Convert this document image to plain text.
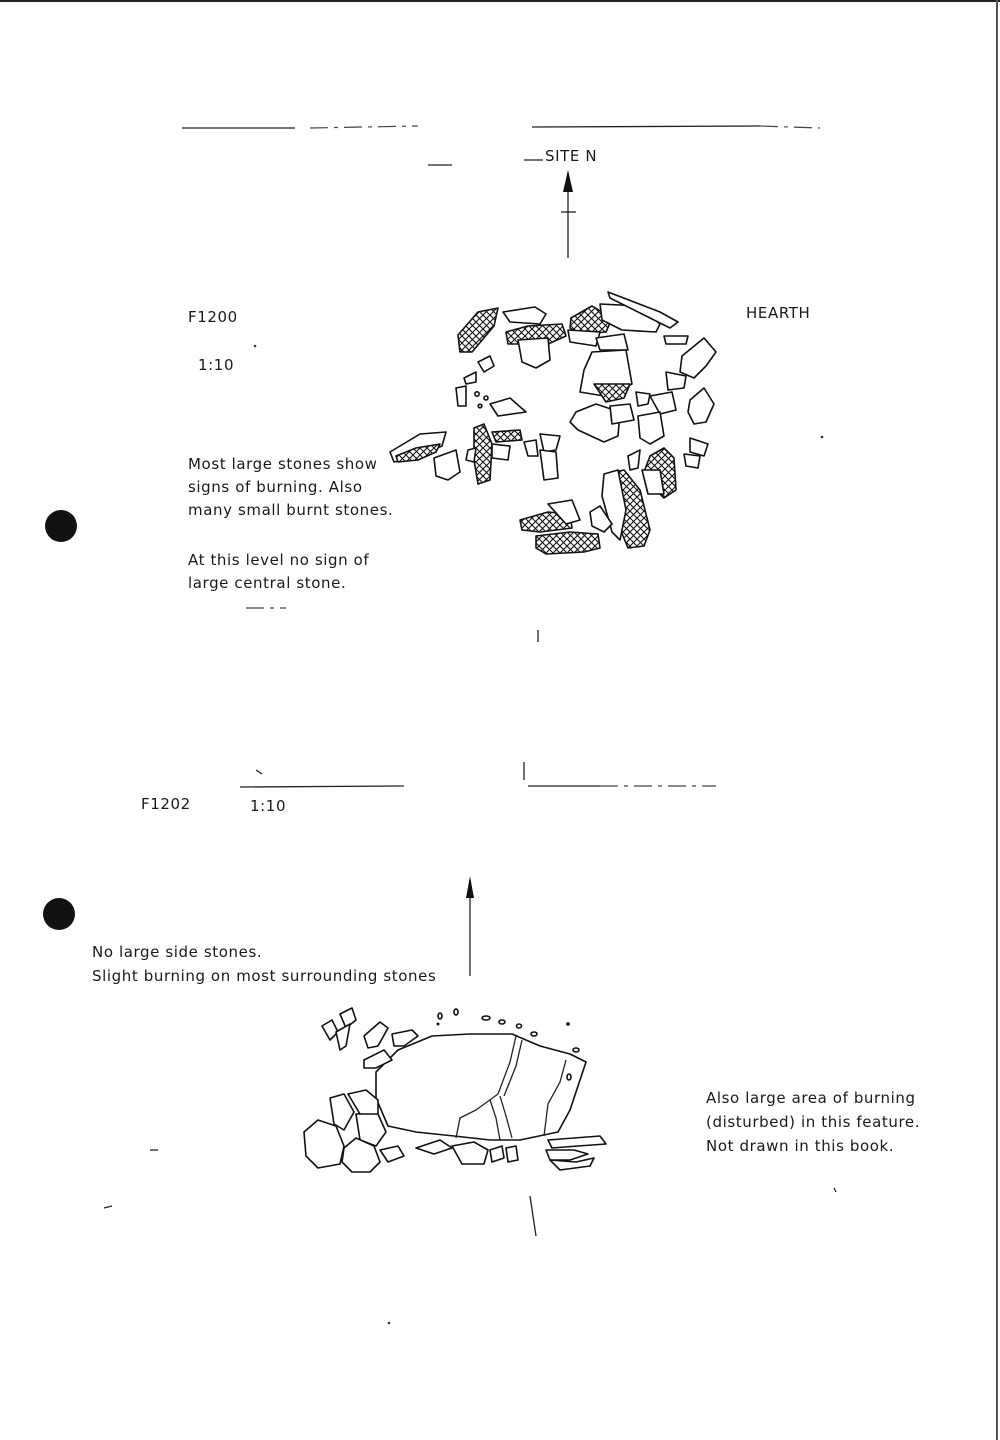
SITE N
F1200
1:10
HEARTH
Most large stones show
signs of burning. Also
many small burnt stones.
At this level no sign of
large central stone.
F1202	1:10
No large side stones.
Slight burning on most surrounding stones
Also large area of burning
(disturbed) in this feature.
Not drawn in this book.
